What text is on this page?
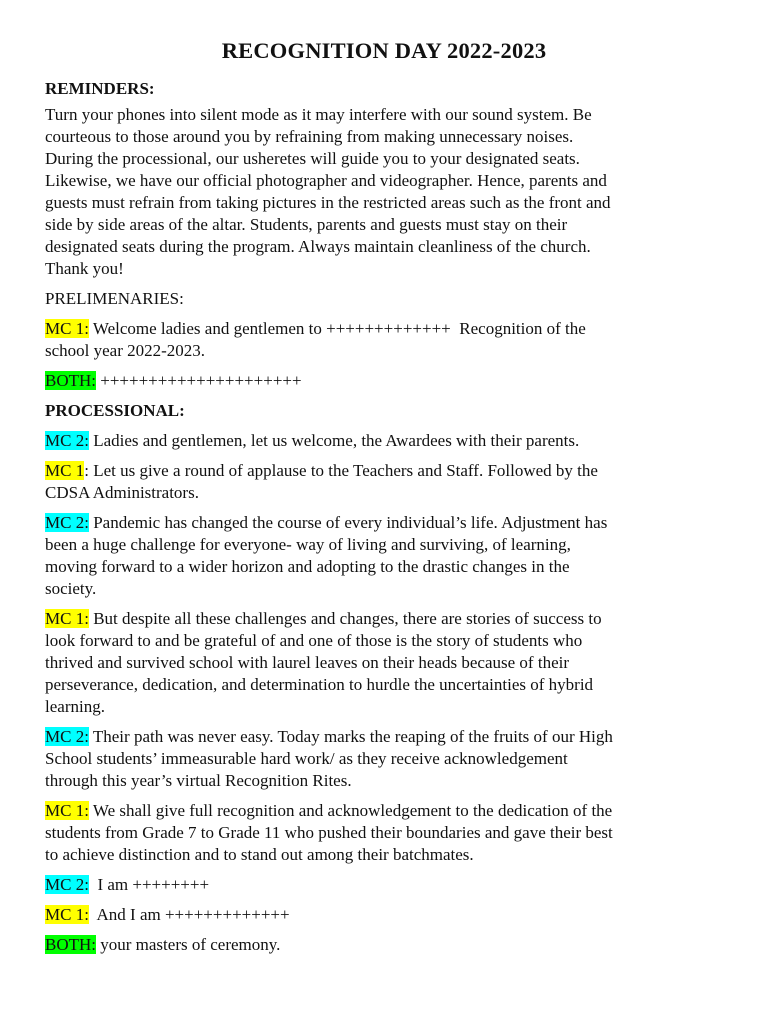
RECOGNITION DAY 2022-2023
REMINDERS:
Turn your phones into silent mode as it may interfere with our sound system. Be
courteous to those around you by refraining from making unnecessary noises.
During the processional, our usheretes will guide you to your designated seats.
Likewise, we have our official photographer and videographer. Hence, parents and
guests must refrain from taking pictures in the restricted areas such as the front and
side by side areas of the altar. Students, parents and guests must stay on their
designated seats during the program. Always maintain cleanliness of the church.
Thank you!
PRELIMENARIES:
MC 1: Welcome ladies and gentlemen to +++++++++++++  Recognition of the
school year 2022-2023.
BOTH: +++++++++++++++++++++
PROCESSIONAL:
MC 2: Ladies and gentlemen, let us welcome, the Awardees with their parents.
MC 1: Let us give a round of applause to the Teachers and Staff. Followed by the
CDSA Administrators.
MC 2: Pandemic has changed the course of every individual’s life. Adjustment has
been a huge challenge for everyone- way of living and surviving, of learning,
moving forward to a wider horizon and adopting to the drastic changes in the
society.
MC 1: But despite all these challenges and changes, there are stories of success to
look forward to and be grateful of and one of those is the story of students who
thrived and survived school with laurel leaves on their heads because of their
perseverance, dedication, and determination to hurdle the uncertainties of hybrid
learning.
MC 2: Their path was never easy. Today marks the reaping of the fruits of our High
School students’ immeasurable hard work/ as they receive acknowledgement
through this year’s virtual Recognition Rites.
MC 1: We shall give full recognition and acknowledgement to the dedication of the
students from Grade 7 to Grade 11 who pushed their boundaries and gave their best
to achieve distinction and to stand out among their batchmates.
MC 2:  I am ++++++++
MC 1:  And I am +++++++++++++
BOTH: your masters of ceremony.
